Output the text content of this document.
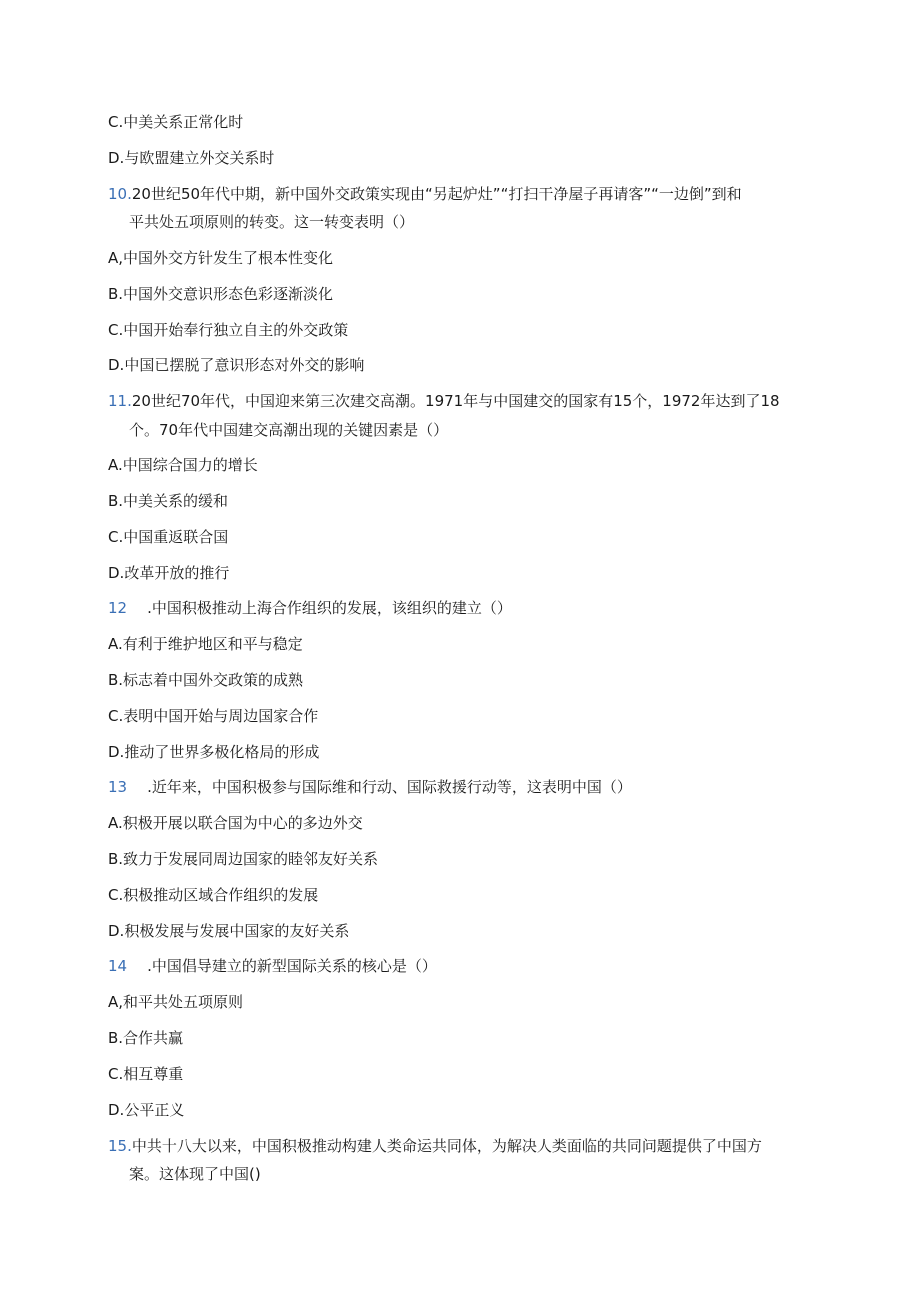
C.中美关系正常化时
D.与欧盟建立外交关系时
10.20世纪50年代中期，新中国外交政策实现由“另起炉灶”“打扫干净屋子再请客”“一边倒”到和
平共处五项原则的转变。这一转变表明（）
A,中国外交方针发生了根本性变化
B.中国外交意识形态色彩逐渐淡化
C.中国开始奉行独立自主的外交政策
D.中国已摆脱了意识形态对外交的影响
11.20世纪70年代，中国迎来第三次建交高潮。1971年与中国建交的国家有15个，1972年达到了18
个。70年代中国建交高潮出现的关键因素是（）
A.中国综合国力的增长
B.中美关系的缓和
C.中国重返联合国
D.改革开放的推行
12 .中国积极推动上海合作组织的发展，该组织的建立（）
A.有利于维护地区和平与稳定
B.标志着中国外交政策的成熟
C.表明中国开始与周边国家合作
D.推动了世界多极化格局的形成
13 .近年来，中国积极参与国际维和行动、国际救援行动等，这表明中国（）
A.积极开展以联合国为中心的多边外交
B.致力于发展同周边国家的睦邻友好关系
C.积极推动区域合作组织的发展
D.积极发展与发展中国家的友好关系
14 .中国倡导建立的新型国际关系的核心是（）
A,和平共处五项原则
B.合作共赢
C.相互尊重
D.公平正义
15.中共十八大以来，中国积极推动构建人类命运共同体，为解决人类面临的共同问题提供了中国方
案。这体现了中国()
